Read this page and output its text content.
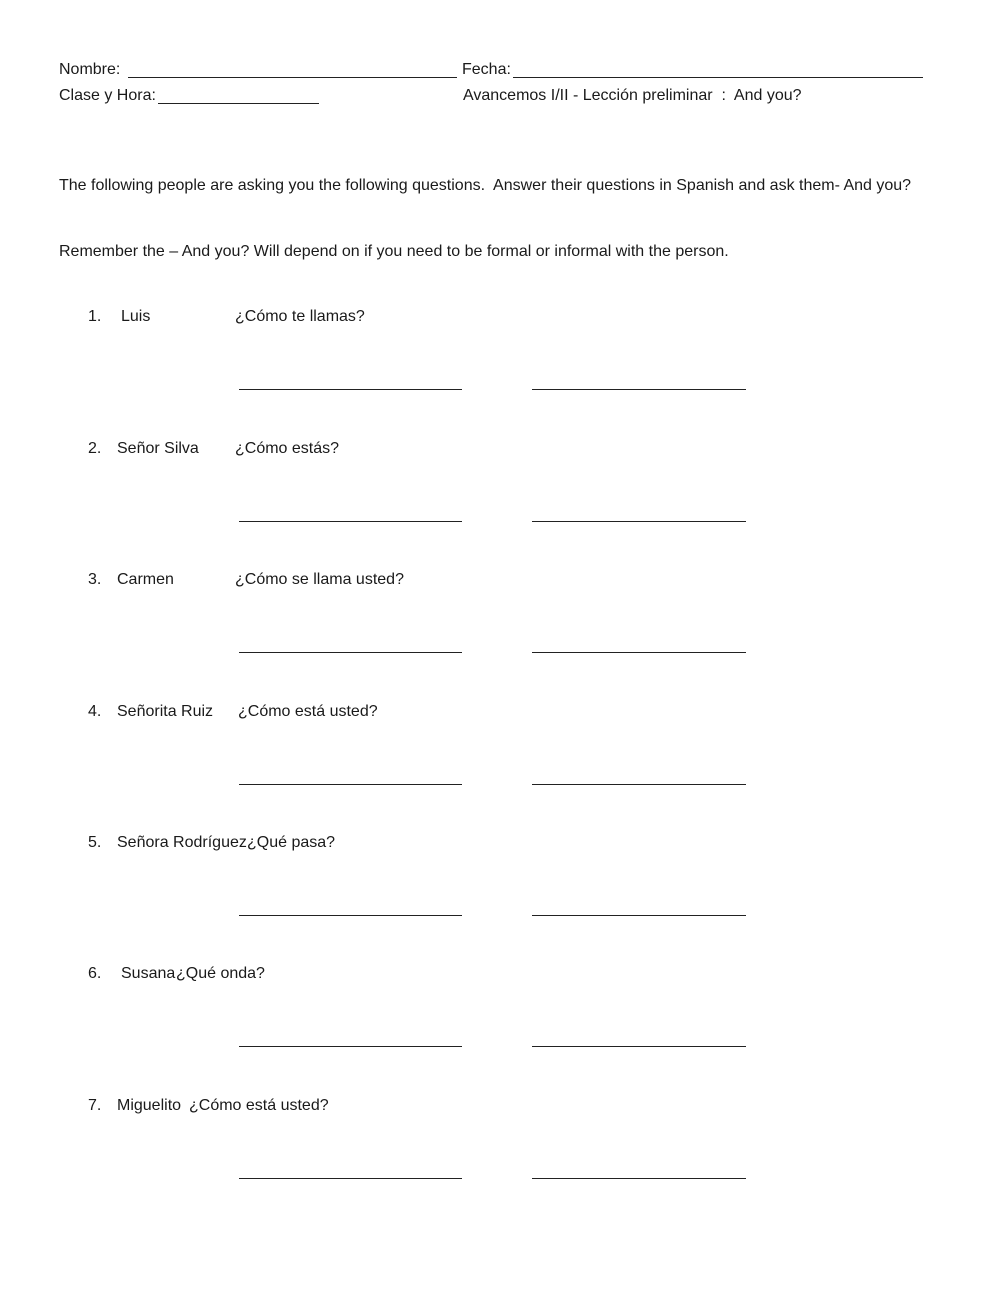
Nombre:	Fecha:
Clase y Hora:	Avancemos I/II - Lección preliminar  :  And you?
The following people are asking you the following questions.  Answer their questions in Spanish and ask them- And you?
Remember the – And you? Will depend on if you need to be formal or informal with the person.
1. Luis	¿Cómo te llamas?
2. Señor Silva ¿Cómo estás?
3. Carmen	¿Cómo se llama usted?
4. Señorita Ruiz ¿Cómo está usted?
5. Señora Rodríguez ¿Qué pasa?
6. Susana ¿Qué onda?
7. Miguelito ¿Cómo está usted?
